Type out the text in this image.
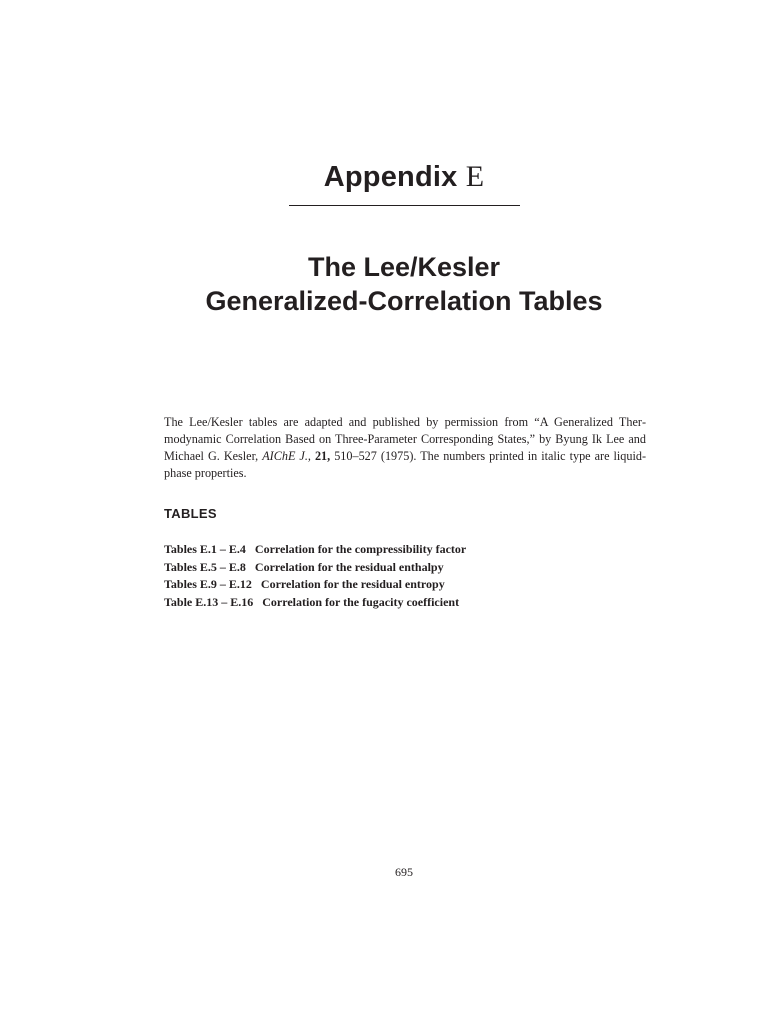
Appendix E
The Lee/Kesler
Generalized-Correlation Tables

The Lee/Kesler tables are adapted and published by permission from “A Generalized Thermodynamic Correlation Based on Three-Parameter Corresponding States,” by Byung Ik Lee and Michael G. Kesler, AIChE J., 21, 510–527 (1975). The numbers printed in italic type are liquid-phase properties.

TABLES
Tables E.1 – E.4 Correlation for the compressibility factor
Tables E.5 – E.8 Correlation for the residual enthalpy
Tables E.9 – E.12 Correlation for the residual entropy
Table E.13 – E.16 Correlation for the fugacity coefficient
695
